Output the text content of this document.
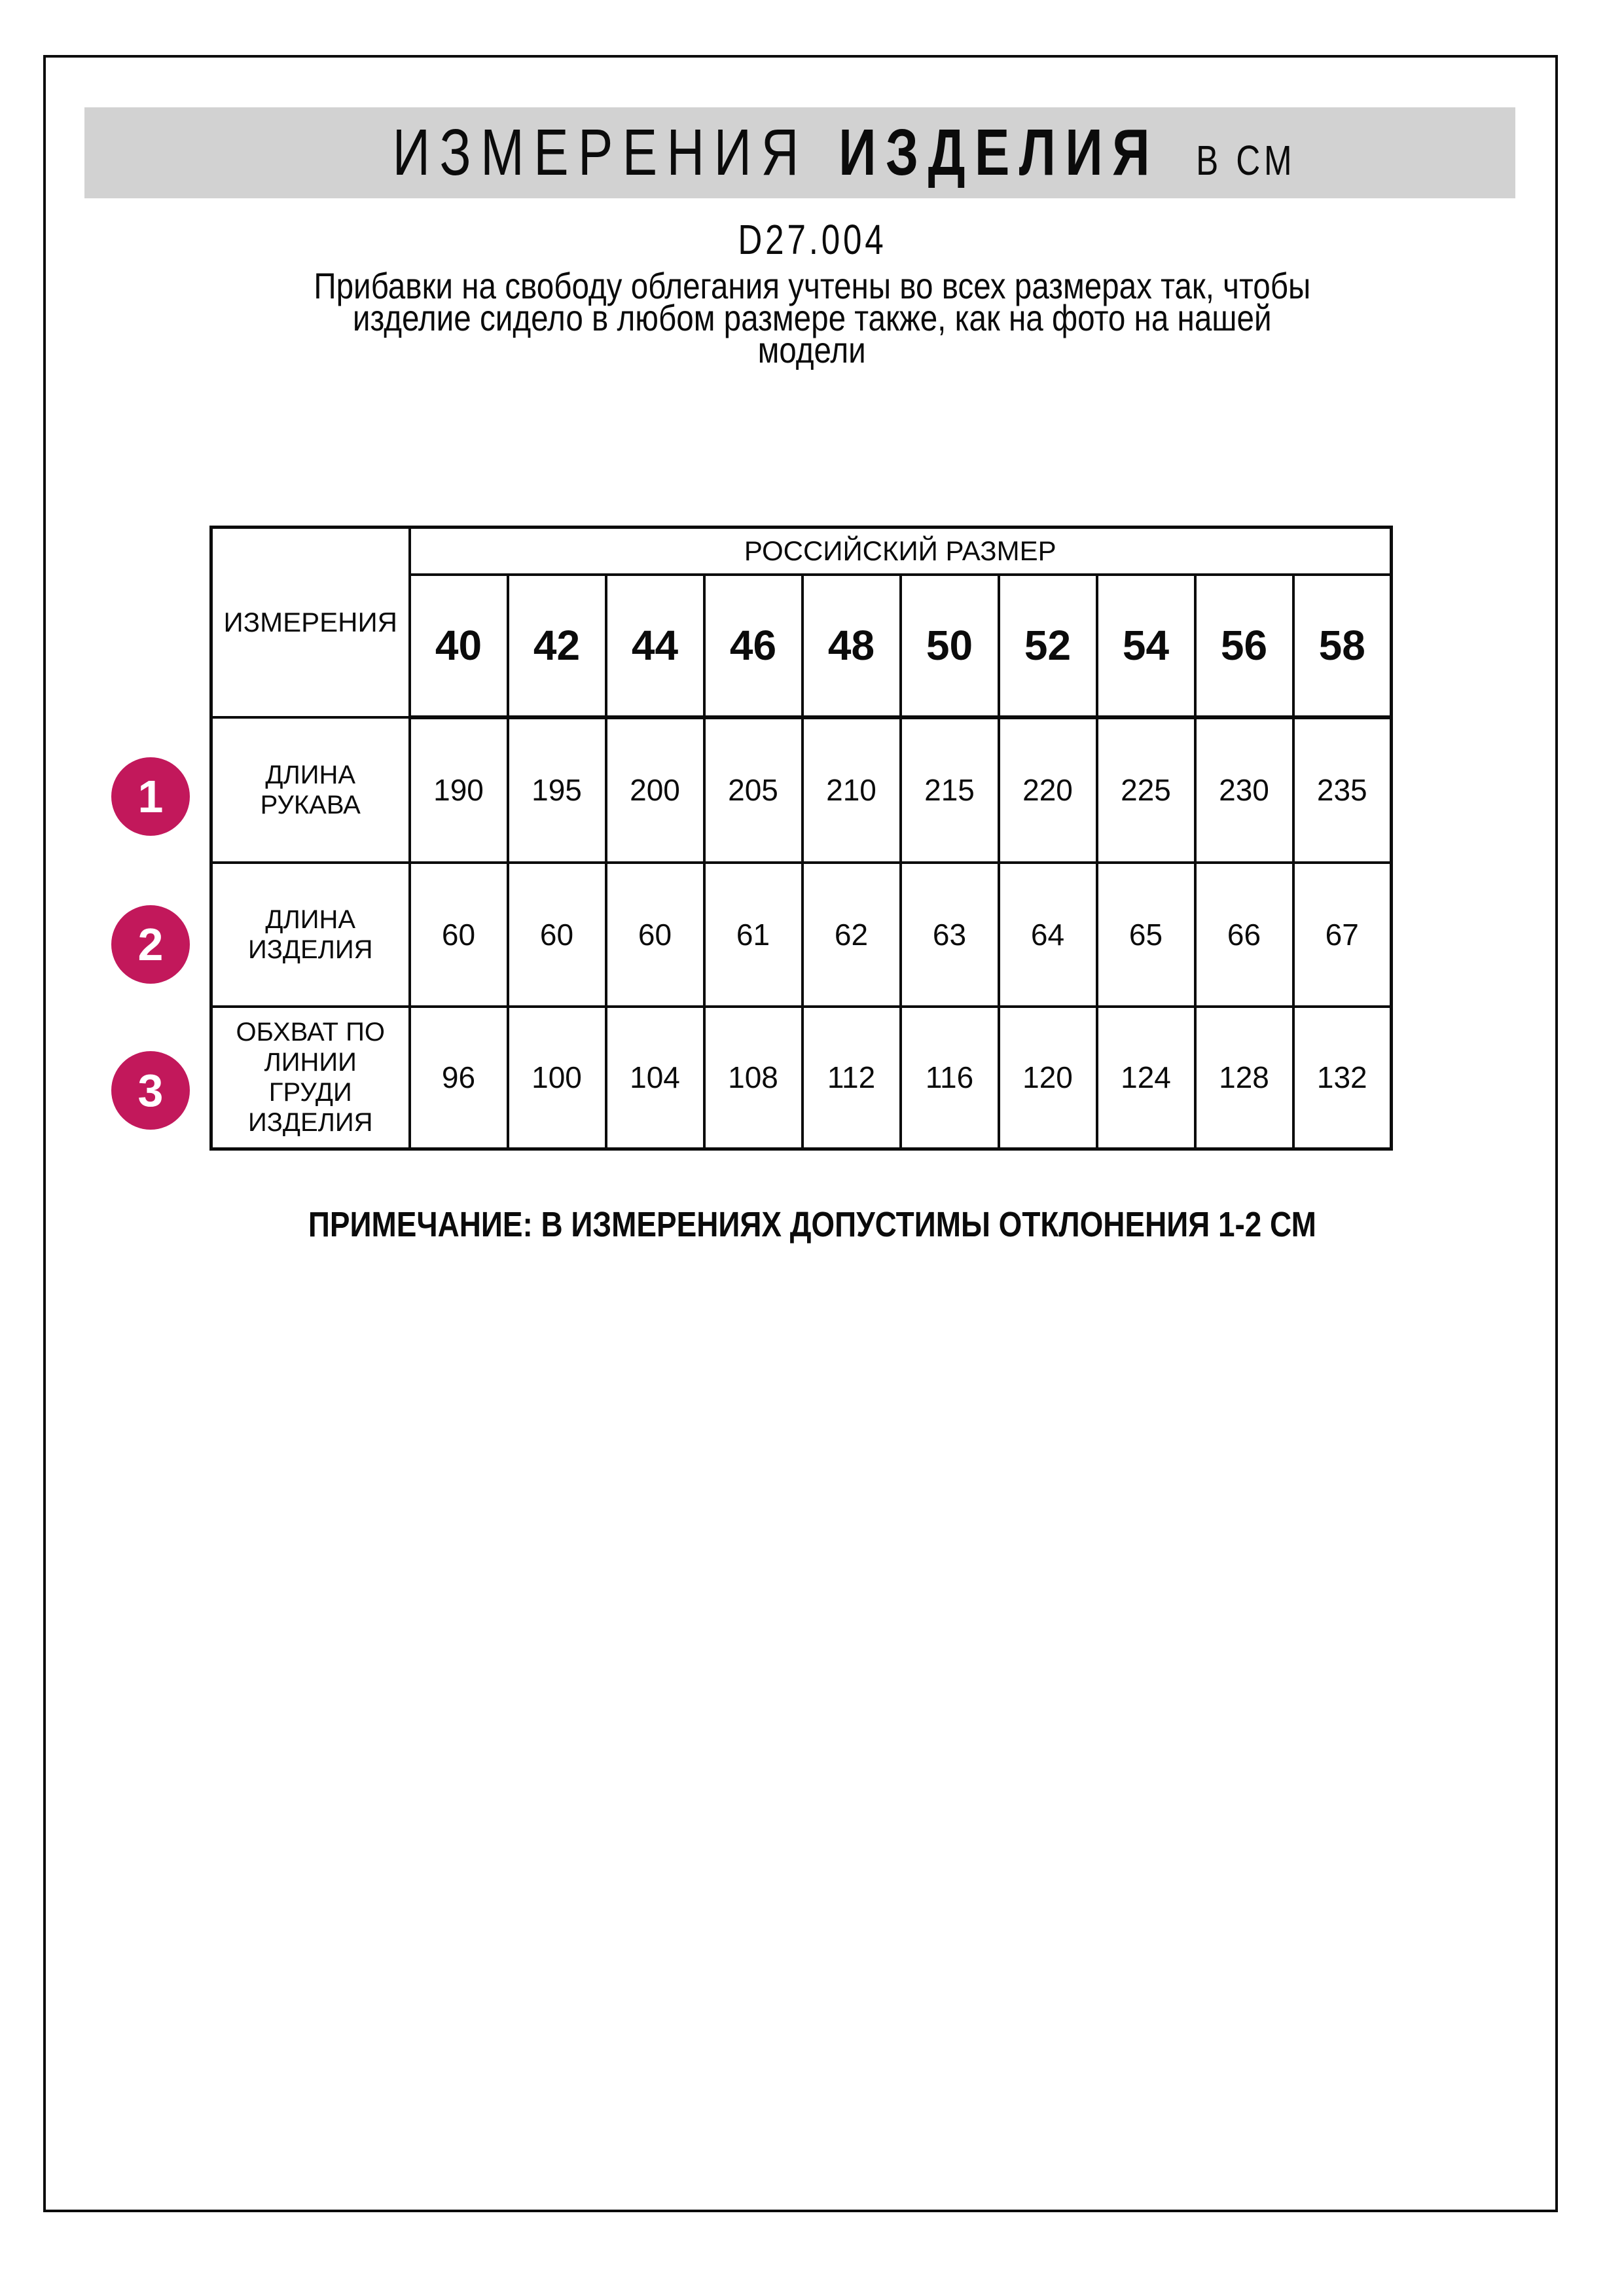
ИЗМЕРЕНИЯ ИЗДЕЛИЯ В СМ
D27.004
Прибавки на свободу облегания учтены во всех размерах так, чтобы
изделие сидело в любом размере также, как на фото на нашей
модели
1
2
3
ИЗМЕРЕНИЯ	РОССИЙСКИЙ РАЗМЕР									
	40	42	44	46	48	50	52	54	56	58

ДЛИНА
РУКАВА	190	195	200	205	210	215	220	225	230	235

ДЛИНА
ИЗДЕЛИЯ	60	60	60	61	62	63	64	65	66	67

ОБХВАТ ПО
ЛИНИИ
ГРУДИ
ИЗДЕЛИЯ	96	100	104	108	112	116	120	124	128	132
ПРИМЕЧАНИЕ: В ИЗМЕРЕНИЯХ ДОПУСТИМЫ ОТКЛОНЕНИЯ 1-2 СМ
